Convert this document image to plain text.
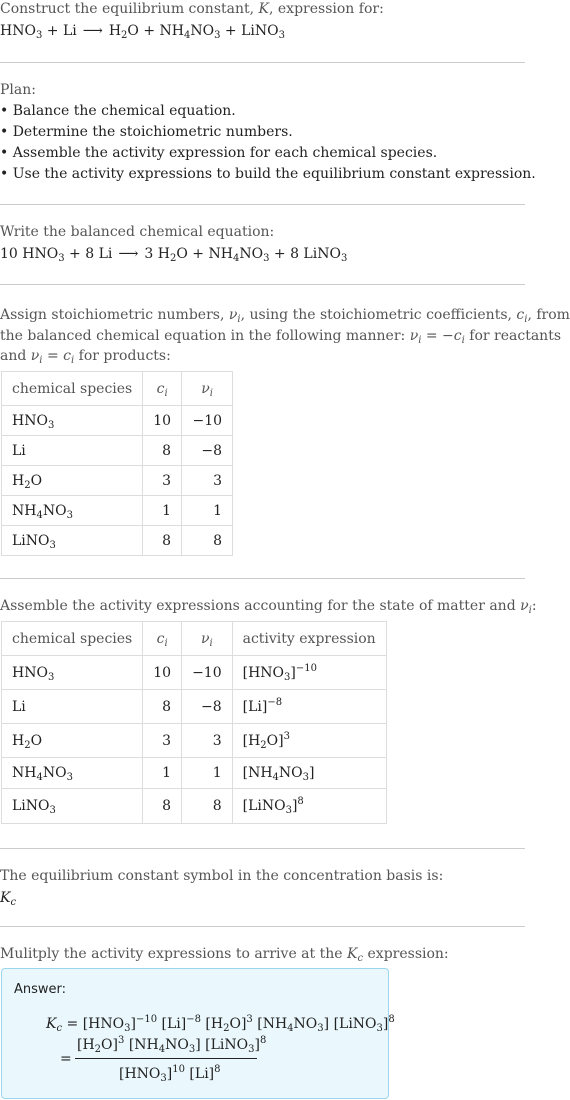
Construct the equilibrium constant, K, expression for:
$HNO_3 + Li$ ⟶ $H_2O + NH_4NO_3$ + LiNO$_3$
Plan:
• Balance the chemical equation.
• Determine the stoichiometric numbers.
• Assemble the activity expression for each chemical species.
• Use the activity expressions to build the equilibrium constant expression.
Write the balanced chemical equation:
10 $HNO_3 + 8$ Li ⟶ 3 $H_2O + NH_4NO_3 + 8$ LiNO$_3$
Assign stoichiometric numbers, $\nu_i$, using the stoichiometric coefficients, $c_i$, from
the balanced chemical equation in the following manner: $\nu_i = -c_i$ for reactants
and $\nu_i = c_i$ for products:
chemical species	$c_i$	$\nu_i$
$HNO_3$	10	−10
Li	8	−8
$H_2O$	3	3
$NH_4NO_3$	1	1
LiNO$_3$	8	8
Assemble the activity expressions accounting for the state of matter and $\nu_i$:
chemical species	$c_i$	$\nu_i$	activity expression
$HNO_3$	10	−10	$[HNO_3]^{-10}$
Li	8	−8	$[Li]^{-8}$
$H_2O$	3	3	$[H_2O]^3$
$NH_4NO_3$	1	1	$[NH_4NO_3]$
LiNO$_3$	8	8	[LiNO$_3$]$^8$
The equilibrium constant symbol in the concentration basis is:
$K_c$
Mulitply the activity expressions to arrive at the $K_c$ expression:
Answer:
$K_c = [HNO_3]^{-10}$ $[Li]^{-8}$ $[H_2O]^3$ $[NH_4NO_3]$ [LiNO$_3$]$^8$
=
$[H_2O]^3$ $[NH_4NO_3]$ [LiNO$_3$]$^8$
$[HNO_3]^{10}$ $[Li]^8$
